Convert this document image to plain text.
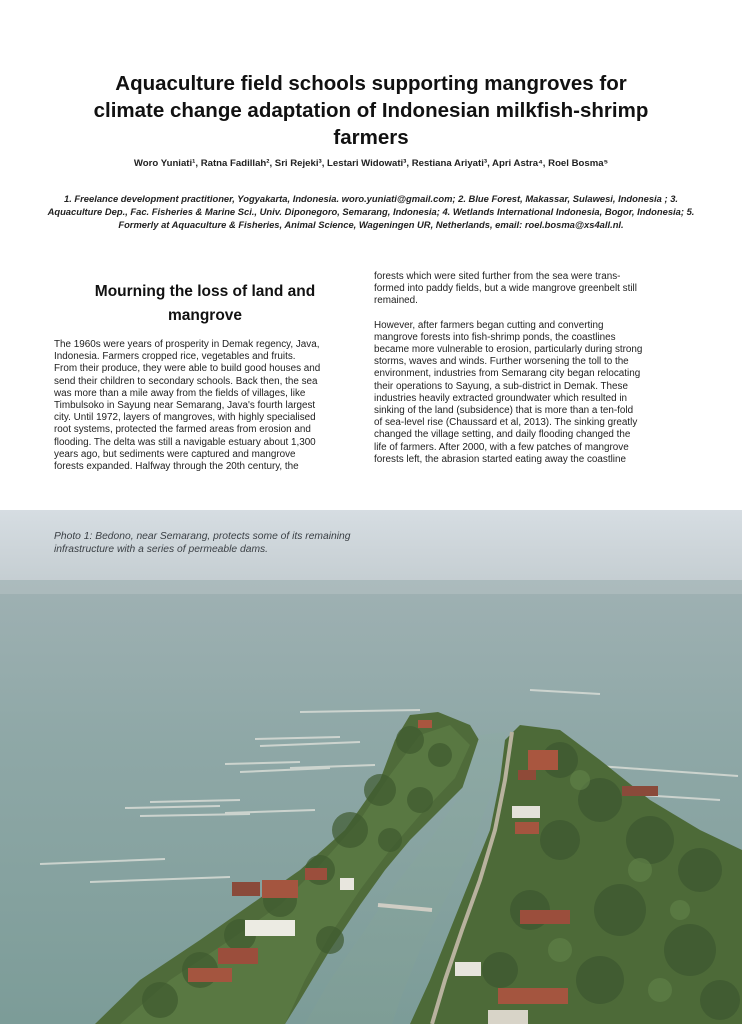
Aquaculture field schools supporting mangroves for
climate change adaptation of Indonesian milkfish-shrimp
farmers
Woro Yuniati¹, Ratna Fadillah², Sri Rejeki³, Lestari Widowati³, Restiana Ariyati³, Apri Astra⁴, Roel Bosma⁵
1. Freelance development practitioner, Yogyakarta, Indonesia. woro.yuniati@gmail.com; 2. Blue Forest, Makassar, Sulawesi, Indonesia ; 3. Aquaculture Dep., Fac. Fisheries & Marine Sci., Univ. Diponegoro, Semarang, Indonesia; 4. Wetlands International Indonesia, Bogor, Indonesia; 5. Formerly at Aquaculture & Fisheries, Animal Science, Wageningen UR, Netherlands, email: roel.bosma@xs4all.nl.
Mourning the loss of land and
mangrove

The 1960s were years of prosperity in Demak regency, Java,

Indonesia. Farmers cropped rice, vegetables and fruits.

From their produce, they were able to build good houses and

send their children to secondary schools. Back then, the sea

was more than a mile away from the fields of villages, like

Timbulsoko in Sayung near Semarang, Java's fourth largest

city. Until 1972, layers of mangroves, with highly specialised

root systems, protected the farmed areas from erosion and

flooding. The delta was still a navigable estuary about 1,300

years ago, but sediments were captured and mangrove

forests expanded. Halfway through the 20th century, the

forests which were sited further from the sea were trans-

formed into paddy fields, but a wide mangrove greenbelt still

remained.

However, after farmers began cutting and converting

mangrove forests into fish-shrimp ponds, the coastlines

became more vulnerable to erosion, particularly during strong

storms, waves and winds. Further worsening the toll to the

environment, industries from Semarang city began relocating

their operations to Sayung, a sub-district in Demak. These

industries heavily extracted groundwater which resulted in

sinking of the land (subsidence) that is more than a ten-fold

of sea-level rise (Chaussard et al, 2013). The sinking greatly

changed the village setting, and daily flooding changed the

life of farmers. After 2000, with a few patches of mangrove

forests left, the abrasion started eating away the coastline

Photo 1: Bedono, near Semarang, protects some of its remaining infrastructure with a series of permeable dams.
